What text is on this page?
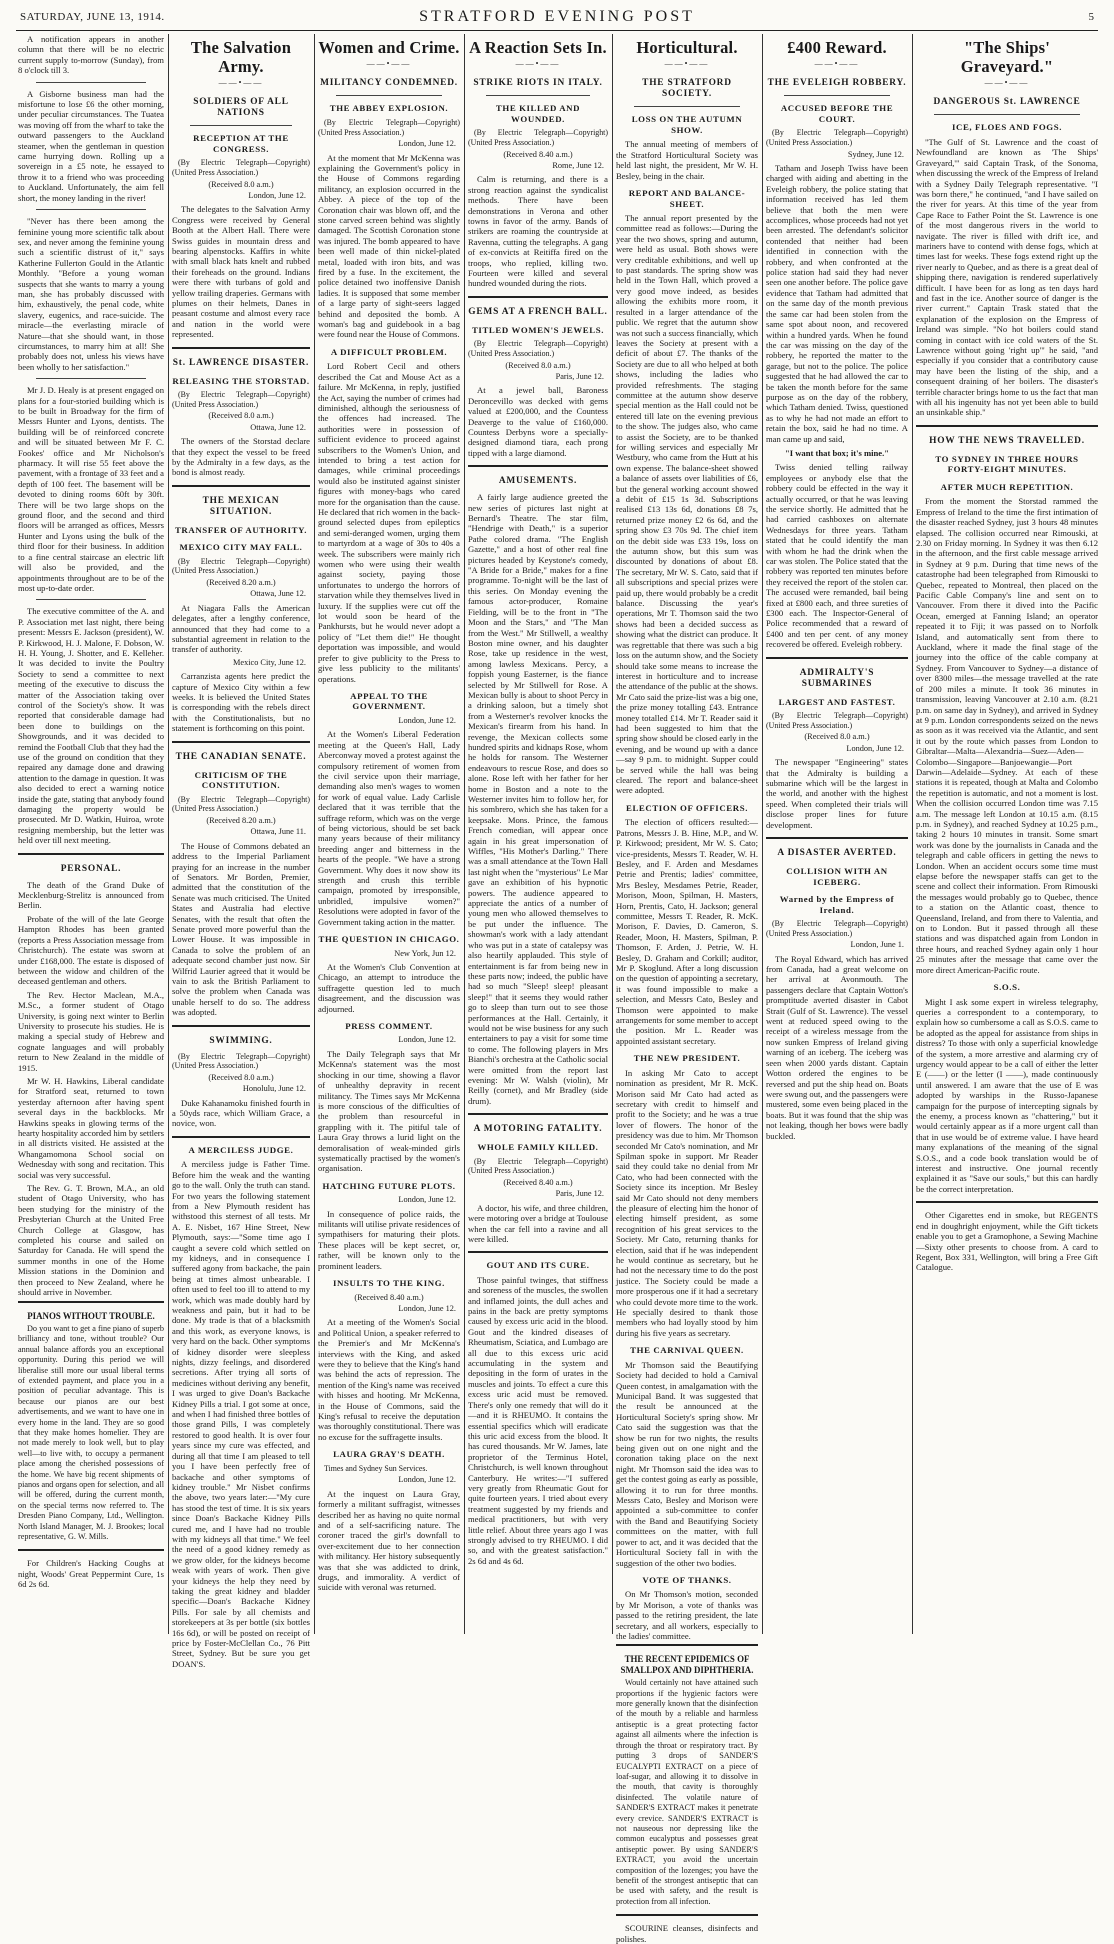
SATURDAY, JUNE 13, 1914.	STRATFORD EVENING POST	5

A notification appears in another column that there will be no electric current supply to-morrow (Sunday), from 8 o'clock till 3.

A Gisborne business man had the misfortune to lose £6 the other morning, under peculiar circumstances. The Tuatea was moving off from the wharf to take the outward passengers to the Auckland steamer, when the gentleman in question came hurrying down. Rolling up a sovereign in a £5 note, he essayed to throw it to a friend who was proceeding to Auckland. Unfortunately, the aim fell short, the money landing in the river!

"Never has there been among the feminine young more scientific talk about sex, and never among the feminine young such a scientific distrust of it," says Katherine Fullerton Gould in the Atlantic Monthly. "Before a young woman suspects that she wants to marry a young man, she has probably discussed with him, exhaustively, the penal code, white slavery, eugenics, and race-suicide. The miracle—the everlasting miracle of Nature—that she should want, in those circumstances, to marry him at all! She probably does not, unless his views have been wholly to her satisfaction."

Mr J. D. Healy is at present engaged on plans for a four-storied building which is to be built in Broadway for the firm of Messrs Hunter and Lyons, dentists. The building will be of reinforced concrete and will be situated between Mr F. C. Fookes' office and Mr Nicholson's pharmacy. It will rise 55 feet above the pavement, with a frontage of 33 feet and a depth of 100 feet. The basement will be devoted to dining rooms 60ft by 30ft. There will be two large shops on the ground floor, and the second and third floors will be arranged as offices, Messrs Hunter and Lyons using the bulk of the third floor for their business. In addition to a fine central staircase an electric lift will also be provided, and the appointments throughout are to be of the most up-to-date order.

The executive committee of the A. and P. Association met last night, there being present: Messrs E. Jackson (president), W. P. Kirkwood, H. J. Malone, F. Dobson, W. H. H. Young, J. Shotter, and E. Kelleher. It was decided to invite the Poultry Society to send a committee to next meeting of the executive to discuss the matter of the Association taking over control of the Society's show. It was reported that considerable damage had been done to buildings on the Showgrounds, and it was decided to remind the Football Club that they had the use of the ground on condition that they repaired any damage done and drawing attention to the damage in question. It was also decided to erect a warning notice inside the gate, stating that anybody found damaging the property would be prosecuted. Mr D. Watkin, Huiroa, wrote resigning membership, but the letter was held over till next meeting.

PERSONAL.

The death of the Grand Duke of Mecklenburg-Strelitz is announced from Berlin.

Probate of the will of the late George Hampton Rhodes has been granted (reports a Press Association message from Christchurch). The estate was sworn at under £168,000. The estate is disposed of between the widow and children of the deceased gentleman and others.

The Rev. Hector Maclean, M.A., M.Sc., a former student of Otago University, is going next winter to Berlin University to prosecute his studies. He is making a special study of Hebrew and cognate languages and will probably return to New Zealand in the middle of 1915.

Mr W. H. Hawkins, Liberal candidate for Stratford seat, returned to town yesterday afternoon after having spent several days in the backblocks. Mr Hawkins speaks in glowing terms of the hearty hospitality accorded him by settlers in all districts visited. He assisted at the Whangamomona School social on Wednesday with song and recitation. This social was very successful.

The Rev. G. T. Brown, M.A., an old student of Otago University, who has been studying for the ministry of the Presbyterian Church at the United Free Church College at Glasgow, has completed his course and sailed on Saturday for Canada. He will spend the summer months in one of the Home Mission stations in the Dominion and then proceed to New Zealand, where he should arrive in November.

PIANOS WITHOUT TROUBLE.

Do you want to get a fine piano of superb brilliancy and tone, without trouble? Our annual balance affords you an exceptional opportunity. During this period we will liberalise still more our usual liberal terms of extended payment, and place you in a position of peculiar advantage. This is because our pianos are our best advertisements, and we want to have one in every home in the land. They are so good that they make homes homelier. They are not made merely to look well, but to play well—to live with, to occupy a permanent place among the cherished possessions of the home. We have big recent shipments of pianos and organs open for selection, and all will be offered, during the current month, on the special terms now referred to. The Dresden Piano Company, Ltd., Wellington. North Island Manager, M. J. Brookes; local representative, G. W. Mills.

For Children's Hacking Coughs at night, Woods' Great Peppermint Cure, 1s 6d 2s 6d.

The Salvation Army.
——•——
SOLDIERS OF ALL NATIONS
RECEPTION AT THE CONGRESS.
(By Electric Telegraph—Copyright) (United Press Association.)
(Received 8.0 a.m.)
London, June 12.

The delegates to the Salvation Army Congress were received by General Booth at the Albert Hall. There were Swiss guides in mountain dress and bearing alpenstocks. Kaffirs in white with small black hats knelt and rubbed their foreheads on the ground. Indians were there with turbans of gold and yellow trailing draperies. Germans with plumes on their helmets, Danes in peasant costume and almost every race and nation in the world were represented.

St. LAWRENCE DISASTER.
RELEASING THE STORSTAD.
(By Electric Telegraph—Copyright) (United Press Association.)
(Received 8.0 a.m.)
Ottawa, June 12.

The owners of the Storstad declare that they expect the vessel to be freed by the Admiralty in a few days, as the bond is almost ready.

THE MEXICAN SITUATION.
TRANSFER OF AUTHORITY.
MEXICO CITY MAY FALL.
(By Electric Telegraph—Copyright) (United Press Association.)
(Received 8.20 a.m.)
Ottawa, June 12.

At Niagara Falls the American delegates, after a lengthy conference, announced that they had come to a substantial agreement in relation to the transfer of authority.

Mexico City, June 12.

Carranzista agents here predict the capture of Mexico City within a few weeks. It is believed the United States is corresponding with the rebels direct with the Constitutionalists, but no statement is forthcoming on this point.

THE CANADIAN SENATE.
CRITICISM OF THE CONSTITUTION.
(By Electric Telegraph—Copyright) (United Press Association.)
(Received 8.20 a.m.)
Ottawa, June 11.

The House of Commons debated an address to the Imperial Parliament praying for an increase in the number of Senators. Mr Borden, Premier, admitted that the constitution of the Senate was much criticised. The United States and Australia had elective Senates, with the result that often the Senate proved more powerful than the Lower House. It was impossible in Canada to solve the problem of an adequate second chamber just now. Sir Wilfrid Laurier agreed that it would be vain to ask the British Parliament to solve the problem when Canada was unable herself to do so. The address was adopted.

SWIMMING.
(By Electric Telegraph—Copyright) (United Press Association.)
(Received 8.0 a.m.)
Honolulu, June 12.

Duke Kahanamoku finished fourth in a 50yds race, which William Grace, a novice, won.

A MERCILESS JUDGE.

A merciless judge is Father Time. Before him the weak and the wanting go to the wall. Only the truth can stand. For two years the following statement from a New Plymouth resident has withstood this sternest of all tests. Mr A. E. Nisbet, 167 Hine Street, New Plymouth, says:—"Some time ago I caught a severe cold which settled on my kidneys, and in consequence I suffered agony from backache, the pain being at times almost unbearable. I often used to feel too ill to attend to my work, which was made doubly hard by weakness and pain, but it had to be done. My trade is that of a blacksmith and this work, as everyone knows, is very hard on the back. Other symptoms of kidney disorder were sleepless nights, dizzy feelings, and disordered secretions. After trying all sorts of medicines without deriving any benefit, I was urged to give Doan's Backache Kidney Pills a trial. I got some at once, and when I had finished three bottles of those grand Pills, I was completely restored to good health. It is over four years since my cure was effected, and during all that time I am pleased to tell you I have been perfectly free of backache and other symptoms of kidney trouble." Mr Nisbet confirms the above, two years later:—"My cure has stood the test of time. It is six years since Doan's Backache Kidney Pills cured me, and I have had no trouble with my kidneys all that time." We feel the need of a good kidney remedy as we grow older, for the kidneys become weak with years of work. Then give your kidneys the help they need by taking the great kidney and bladder specific—Doan's Backache Kidney Pills. For sale by all chemists and storekeepers at 3s per bottle (six bottles 16s 6d), or will be posted on receipt of price by Foster-McClellan Co., 76 Pitt Street, Sydney. But be sure you get DOAN'S.

Women and Crime.
——•——
MILITANCY CONDEMNED.
THE ABBEY EXPLOSION.
(By Electric Telegraph—Copyright) (United Press Association.)
London, June 12.

At the moment that Mr McKenna was explaining the Government's policy in the House of Commons regarding militancy, an explosion occurred in the Abbey. A piece of the top of the Coronation chair was blown off, and the stone carved screen behind was slightly damaged. The Scottish Coronation stone was injured. The bomb appeared to have been well made of thin nickel-plated metal, loaded with iron bits, and was fired by a fuse. In the excitement, the police detained two inoffensive Danish ladies. It is supposed that some member of a large party of sight-seers lagged behind and deposited the bomb. A woman's bag and guidebook in a bag were found near the House of Commons.

A DIFFICULT PROBLEM.

Lord Robert Cecil and others described the Cat and Mouse Act as a failure. Mr McKenna, in reply, justified the Act, saying the number of crimes had diminished, although the seriousness of the offences had increased. The authorities were in possession of sufficient evidence to proceed against subscribers to the Women's Union, and intended to bring a test action for damages, while criminal proceedings would also be instituted against sinister figures with money-bags who cared more for the organisation than the cause. He declared that rich women in the back-ground selected dupes from epileptics and semi-deranged women, urging them to martyrdom at a wage of 30s to 40s a week. The subscribers were mainly rich women who were using their wealth against society, paying those unfortunates to undergo the horrors of starvation while they themselves lived in luxury. If the supplies were cut off the lot would soon be heard of the Pankhursts, but he would never adopt a policy of "Let them die!" He thought deportation was impossible, and would prefer to give publicity to the Press to give less publicity to the militants' operations.

APPEAL TO THE GOVERNMENT.
London, June 12.

At the Women's Liberal Federation meeting at the Queen's Hall, Lady Aberconway moved a protest against the compulsory retirement of women from the civil service upon their marriage, demanding also men's wages to women for work of equal value. Lady Carlisle declared that it was terrible that the suffrage reform, which was on the verge of being victorious, should be set back many years because of their militancy breeding anger and bitterness in the hearts of the people. "We have a strong Government. Why does it now show its strength and crush this terrible campaign, promoted by irresponsible, unbridled, impulsive women?" Resolutions were adopted in favor of the Government taking action in the matter.

THE QUESTION IN CHICAGO.
New York, Jun 12.

At the Women's Club Convention at Chicago, an attempt to introduce the suffragette question led to much disagreement, and the discussion was adjourned.

PRESS COMMENT.
London, June 12.

The Daily Telegraph says that Mr McKenna's statement was the most shocking in our time, showing a flavor of unhealthy depravity in recent militancy. The Times says Mr McKenna is more conscious of the difficulties of the problem than resourceful in grappling with it. The pitiful tale of Laura Gray throws a lurid light on the demoralisation of weak-minded girls systematically practised by the women's organisation.

HATCHING FUTURE PLOTS.
London, June 12.

In consequence of police raids, the militants will utilise private residences of sympathisers for maturing their plots. These places will be kept secret, or, rather, will be known only to the prominent leaders.

INSULTS TO THE KING.
(Received 8.40 a.m.)
London, June 12.

At a meeting of the Women's Social and Political Union, a speaker referred to the Premier's and Mr McKenna's interviews with the King, and asked were they to believe that the King's hand was behind the acts of repression. The mention of the King's name was received with hisses and hooting. Mr McKenna, in the House of Commons, said the King's refusal to receive the deputation was thoroughly constitutional. There was no excuse for the suffragette insults.

LAURA GRAY'S DEATH.
Times and Sydney Sun Services.
London, June 12.

At the inquest on Laura Gray, formerly a militant suffragist, witnesses described her as having no quite normal and of a self-sacrificing nature. The coroner traced the girl's downfall to over-excitement due to her connection with militancy. Her history subsequently was that she was addicted to drink, drugs, and immorality. A verdict of suicide with veronal was returned.

A Reaction Sets In.
——•——
STRIKE RIOTS IN ITALY.
THE KILLED AND WOUNDED.
(By Electric Telegraph—Copyright) (United Press Association.)
(Received 8.40 a.m.)
Rome, June 12.

Calm is returning, and there is a strong reaction against the syndicalist methods. There have been demonstrations in Verona and other towns in favor of the army. Bands of strikers are roaming the countryside at Ravenna, cutting the telegraphs. A gang of ex-convicts at Reitiffa fired on the troops, who replied, killing two. Fourteen were killed and several hundred wounded during the riots.

GEMS AT A FRENCH BALL.
TITLED WOMEN'S JEWELS.
(By Electric Telegraph—Copyright) (United Press Association.)
(Received 8.0 a.m.)
Paris, June 12.

At a jewel ball, Baroness Deroncevillo was decked with gems valued at £200,000, and the Countess Deaverge to the value of £160,000. Countess Derbyns wore a specially-designed diamond tiara, each prong tipped with a large diamond.

AMUSEMENTS.

A fairly large audience greeted the new series of pictures last night at Bernard's Theatre. The star film, "Hendrige with Death," is a superior Pathe colored drama. "The English Gazette," and a host of other real fine pictures headed by Keystone's comedy, "A Bride for a Bride," makes for a fine programme. To-night will be the last of this series. On Monday evening the famous actor-producer, Romaine Fielding, will be to the front in "The Moon and the Stars," and "The Man from the West." Mr Stillwell, a wealthy Boston mine owner, and his daughter Rose, take up residence in the west, among lawless Mexicans. Percy, a foppish young Easterner, is the fiance selected by Mr Stillwell for Rose. A Mexican bully is about to shoot Percy in a drinking saloon, but a timely shot from a Westerner's revolver knocks the Mexican's firearm from his hand. In revenge, the Mexican collects some hundred spirits and kidnaps Rose, whom he holds for ransom. The Westerner endeavours to rescue Rose, and does so alone. Rose left with her father for her home in Boston and a note to the Westerner invites him to follow her, for his sombrero, which she has taken for a keepsake. Mons. Prince, the famous French comedian, will appear once again in his great impersonation of Wiffles, "His Mother's Darling." There was a small attendance at the Town Hall last night when the "mysterious" Le Mar gave an exhibition of his hypnotic powers. The audience appeared to appreciate the antics of a number of young men who allowed themselves to be put under the influence. The showman's work with a lady attendant who was put in a state of catalepsy was also heartily applauded. This style of entertainment is far from being new in these parts now; indeed, the public have had so much "Sleep! sleep! pleasant sleep!" that it seems they would rather go to sleep than turn out to see those performances at the Hall. Certainly, it would not be wise business for any such entertainers to pay a visit for some time to come. The following players in Mrs Bianchi's orchestra at the Catholic social were omitted from the report last evening: Mr W. Walsh (violin), Mr Reilly (cornet), and Mr Bradley (side drum).

A MOTORING FATALITY.
WHOLE FAMILY KILLED.
(By Electric Telegraph—Copyright) (United Press Association.)
(Received 8.40 a.m.)
Paris, June 12.

A doctor, his wife, and three children, were motoring over a bridge at Toulouse when the car fell into a ravine and all were killed.

GOUT AND ITS CURE.

Those painful twinges, that stiffness and soreness of the muscles, the swollen and inflamed joints, the dull aches and pains in the back are pretty symptoms caused by excess uric acid in the blood. Gout and the kindred diseases of Rheumatism, Sciatica, and Lumbago are all due to this excess uric acid accumulating in the system and depositing in the form of urates in the muscles and joints. To effect a cure this excess uric acid must be removed. There's only one remedy that will do it—and it is RHEUMO. It contains the essential specifics which will eradicate this uric acid excess from the blood. It has cured thousands. Mr W. James, late proprietor of the Terminus Hotel, Christchurch, is well known throughout Canterbury. He writes:—"I suffered very greatly from Rheumatic Gout for quite fourteen years. I tried about every treatment suggested by my friends and medical practitioners, but with very little relief. About three years ago I was strongly advised to try RHEUMO. I did so, and with the greatest satisfaction." 2s 6d and 4s 6d.

Horticultural.
——•——
THE STRATFORD SOCIETY.
LOSS ON THE AUTUMN SHOW.

The annual meeting of members of the Stratford Horticultural Society was held last night, the president, Mr W. H. Besley, being in the chair.

REPORT AND BALANCE-SHEET.

The annual report presented by the committee read as follows:—During the year the two shows, spring and autumn, were held as usual. Both shows were very creditable exhibitions, and well up to past standards. The spring show was held in the Town Hall, which proved a very good move indeed, as besides allowing the exhibits more room, it resulted in a larger attendance of the public. We regret that the autumn show was not such a success financially, which leaves the Society at present with a deficit of about £7. The thanks of the Society are due to all who helped at both shows, including the ladies who provided refreshments. The staging committee at the autumn show deserve special mention as the Hall could not be entered till late on the evening previous to the show. The judges also, who came to assist the Society, are to be thanked for willing services and especially Mr Westbury, who came from the Hutt at his own expense. The balance-sheet showed a balance of assets over liabilities of £6, but the general working account showed a debit of £15 1s 3d. Subscriptions realised £13 13s 6d, donations £8 7s, returned prize money £2 6s 6d, and the spring show £3 70s 9d. The chief item on the debit side was £33 19s, loss on the autumn show, but this sum was discounted by donations of about £8. The secretary, Mr W. S. Cato, said that if all subscriptions and special prizes were paid up, there would probably be a credit balance. Discussing the year's operations, Mr T. Thomson said the two shows had been a decided success as showing what the district can produce. It was regrettable that there was such a big loss on the autumn show, and the Society should take some means to increase the interest in horticulture and to increase the attendance of the public at the shows. Mr Cato said the prize-list was a big one, the prize money totalling £43. Entrance money totalled £14. Mr T. Reader said it had been suggested to him that the spring show should be closed early in the evening, and be wound up with a dance—say 9 p.m. to midnight. Supper could be served while the hall was being cleared. The report and balance-sheet were adopted.

ELECTION OF OFFICERS.

The election of officers resulted:—Patrons, Messrs J. B. Hine, M.P., and W. P. Kirkwood; president, Mr W. S. Cato; vice-presidents, Messrs T. Reader, W. H. Besley, and F. Arden and Mesdames Petrie and Prentis; ladies' committee, Mrs Besley, Mesdames Petrie, Reader, Morison, Moon, Spilman, H. Masters, Horn, Prentis, Cato, H. Jackson; general committee, Messrs T. Reader, R. McK. Morison, F. Davies, D. Cameron, S. Reader, Moon, H. Masters, Spilman, P. Thomson, F. Arden, J. Petrie, W. H. Besley, D. Graham and Corkill; auditor, Mr P. Skoglund. After a long discussion on the question of appointing a secretary, it was found impossible to make a selection, and Messrs Cato, Besley and Thomson were appointed to make arrangements for some member to accept the position. Mr L. Reader was appointed assistant secretary.

THE NEW PRESIDENT.

In asking Mr Cato to accept nomination as president, Mr R. McK. Morison said Mr Cato had acted as secretary with credit to himself and profit to the Society; and he was a true lover of flowers. The honor of the presidency was due to him. Mr Thomson seconded Mr Cato's nomination, and Mr Spilman spoke in support. Mr Reader said they could take no denial from Mr Cato, who had been connected with the Society since its inception. Mr Besley said Mr Cato should not deny members the pleasure of electing him the honor of electing himself president, as some recognition of his great services to the Society. Mr Cato, returning thanks for election, said that if he was independent he would continue as secretary, but he had not the necessary time to do the post justice. The Society could be made a more prosperous one if it had a secretary who could devote more time to the work. He specially desired to thank those members who had loyally stood by him during his five years as secretary.

THE CARNIVAL QUEEN.

Mr Thomson said the Beautifying Society had decided to hold a Carnival Queen contest, in amalgamation with the Municipal Band. It was suggested that the result be announced at the Horticultural Society's spring show. Mr Cato said the suggestion was that the show be run for two nights, the results being given out on one night and the coronation taking place on the next night. Mr Thomson said the idea was to get the contest going as early as possible, allowing it to run for three months. Messrs Cato, Besley and Morison were appointed a sub-committee to confer with the Band and Beautifying Society committees on the matter, with full power to act, and it was decided that the Horticultural Society fall in with the suggestion of the other two bodies.

VOTE OF THANKS.

On Mr Thomson's motion, seconded by Mr Morison, a vote of thanks was passed to the retiring president, the late secretary, and all workers, especially to the ladies' committee.

THE RECENT EPIDEMICS OF SMALLPOX AND DIPHTHERIA.

Would certainly not have attained such proportions if the hygienic factors were more generally known that the disinfection of the mouth by a reliable and harmless antiseptic is a great protecting factor against all ailments where the infection is through the throat or respiratory tract. By putting 3 drops of SANDER'S EUCALYPTI EXTRACT on a piece of loaf-sugar, and allowing it to dissolve in the mouth, that cavity is thoroughly disinfected. The volatile nature of SANDER'S EXTRACT makes it penetrate every crevice. SANDER'S EXTRACT is not nauseous nor depressing like the common eucalyptus and possesses great antiseptic power. By using SANDER'S EXTRACT, you avoid the uncertain composition of the lozenges; you have the benefit of the strongest antiseptic that can be used with safety, and the result is protection from all infection.

SCOURINE cleanses, disinfects and polishes.

£400 Reward.
——•——
THE EVELEIGH ROBBERY.
ACCUSED BEFORE THE COURT.
(By Electric Telegraph—Copyright) (United Press Association.)
Sydney, June 12.

Tatham and Joseph Twiss have been charged with aiding and abetting in the Eveleigh robbery, the police stating that information received has led them believe that both the men were accomplices, whose proceeds had not yet been arrested. The defendant's solicitor contended that neither had been identified in connection with the robbery, and when confronted at the police station had said they had never seen one another before. The police gave evidence that Tatham had admitted that on the same day of the month previous the same car had been stolen from the same spot about noon, and recovered within a hundred yards. When he found the car was missing on the day of the robbery, he reported the matter to the garage, but not to the police. The police suggested that he had allowed the car to be taken the month before for the same purpose as on the day of the robbery, which Tatham denied. Twiss, questioned as to why he had not made an effort to retain the box, said he had no time. A man came up and said,

"I want that box; it's mine."

Twiss denied telling railway employees or anybody else that the robbery could be effected in the way it actually occurred, or that he was leaving the service shortly. He admitted that he had carried cashboxes on alternate Wednesdays for three years. Tatham stated that he could identify the man with whom he had the drink when the car was stolen. The Police stated that the robbery was reported ten minutes before they received the report of the stolen car. The accused were remanded, bail being fixed at £800 each, and three sureties of £300 each. The Inspector-General of Police recommended that a reward of £400 and ten per cent. of any money recovered be offered. Eveleigh robbery.

ADMIRALTY'S SUBMARINES
LARGEST AND FASTEST.
(By Electric Telegraph—Copyright) (United Press Association.)
(Received 8.0 a.m.)
London, June 12.

The newspaper "Engineering" states that the Admiralty is building a submarine which will be the largest in the world, and another with the highest speed. When completed their trials will disclose proper lines for future development.

A DISASTER AVERTED.
COLLISION WITH AN ICEBERG.
Warned by the Empress of Ireland.
(By Electric Telegraph—Copyright) (United Press Association.)
London, June 1.

The Royal Edward, which has arrived from Canada, had a great welcome on her arrival at Avonmouth. The passengers declare that Captain Wotton's promptitude averted disaster in Cabot Strait (Gulf of St. Lawrence). The vessel went at reduced speed owing to the receipt of a wireless message from the now sunken Empress of Ireland giving warning of an iceberg. The iceberg was seen when 2000 yards distant. Captain Wotton ordered the engines to be reversed and put the ship head on. Boats were swung out, and the passengers were mustered, some even being placed in the boats. But it was found that the ship was not leaking, though her bows were badly buckled.

"The Ships' Graveyard."
——•——
DANGEROUS St. LAWRENCE
ICE, FLOES AND FOGS.

"The Gulf of St. Lawrence and the coast of Newfoundland are known as 'The Ships' Graveyard,'" said Captain Trask, of the Sonoma, when discussing the wreck of the Empress of Ireland with a Sydney Daily Telegraph representative. "I was born there," he continued, "and I have sailed on the river for years. At this time of the year from Cape Race to Father Point the St. Lawrence is one of the most dangerous rivers in the world to navigate. The river is filled with drift ice, and mariners have to contend with dense fogs, which at times last for weeks. These fogs extend right up the river nearly to Quebec, and as there is a great deal of shipping there, navigation is rendered superlatively difficult. I have been for as long as ten days hard and fast in the ice. Another source of danger is the river current." Captain Trask stated that the explanation of the explosion on the Empress of Ireland was simple. "No hot boilers could stand coming in contact with ice cold waters of the St. Lawrence without going 'right up'" he said, "and especially if you consider that a contributory cause may have been the listing of the ship, and a consequent draining of her boilers. The disaster's terrible character brings home to us the fact that man with all his ingenuity has not yet been able to build an unsinkable ship."

HOW THE NEWS TRAVELLED.
TO SYDNEY IN THREE HOURS FORTY-EIGHT MINUTES.
AFTER MUCH REPETITION.

From the moment the Storstad rammed the Empress of Ireland to the time the first intimation of the disaster reached Sydney, just 3 hours 48 minutes elapsed. The collision occurred near Rimouski, at 2.30 on Friday morning. In Sydney it was then 6.12 in the afternoon, and the first cable message arrived in Sydney at 9 p.m. During that time news of the catastrophe had been telegraphed from Rimouski to Quebec, repeated to Montreal, then placed on the Pacific Cable Company's line and sent on to Vancouver. From there it dived into the Pacific Ocean, emerged at Fanning Island; an operator repeated it to Fiji; it was passed on to Norfolk Island, and automatically sent from there to Auckland, where it made the final stage of the journey into the office of the cable company at Sydney. From Vancouver to Sydney—a distance of over 8300 miles—the message travelled at the rate of 200 miles a minute. It took 36 minutes in transmission, leaving Vancouver at 2.10 a.m. (8.21 p.m. on same day in Sydney), and arrived in Sydney at 9 p.m. London correspondents seized on the news as soon as it was received via the Atlantic, and sent it out by the route which passes from London to Gibraltar—Malta—Alexandria—Suez—Aden—Colombo—Singapore—Banjoewangie—Port Darwin—Adelaide—Sydney. At each of these stations it is repeated, though at Malta and Colombo the repetition is automatic, and not a moment is lost. When the collision occurred London time was 7.15 a.m. The message left London at 10.15 a.m. (8.15 p.m. in Sydney), and reached Sydney at 10.25 p.m., taking 2 hours 10 minutes in transit. Some smart work was done by the journalists in Canada and the telegraph and cable officers in getting the news to London. When an accident occurs some time must elapse before the newspaper staffs can get to the scene and collect their information. From Rimouski the messages would probably go to Quebec, thence to a station on the Atlantic coast, thence to Queensland, Ireland, and from there to Valentia, and on to London. But it passed through all these stations and was dispatched again from London in three hours, and reached Sydney again only 1 hour 25 minutes after the message that came over the more direct American-Pacific route.

S.O.S.

Might I ask some expert in wireless telegraphy, queries a correspondent to a contemporary, to explain how so cumbersome a call as S.O.S. came to be adopted as the appeal for assistance from ships in distress? To those with only a superficial knowledge of the system, a more arrestive and alarming cry of urgency would appear to be a call of either the letter E (——) or the letter (I ——), made continuously until answered. I am aware that the use of E was adopted by warships in the Russo-Japanese campaign for the purpose of intercepting signals by the enemy, a process known as "chattering," but it would certainly appear as if a more urgent call than that in use would be of extreme value. I have heard many explanations of the meaning of the signal S.O.S., and a code book translation would be of interest and instructive. One journal recently explained it as "Save our souls," but this can hardly be the correct interpretation.

Other Cigarettes end in smoke, but REGENTS end in doughright enjoyment, while the Gift tickets enable you to get a Gramophone, a Sewing Machine—Sixty other presents to choose from. A card to Regent, Box 331, Wellington, will bring a Free Gift Catalogue.
